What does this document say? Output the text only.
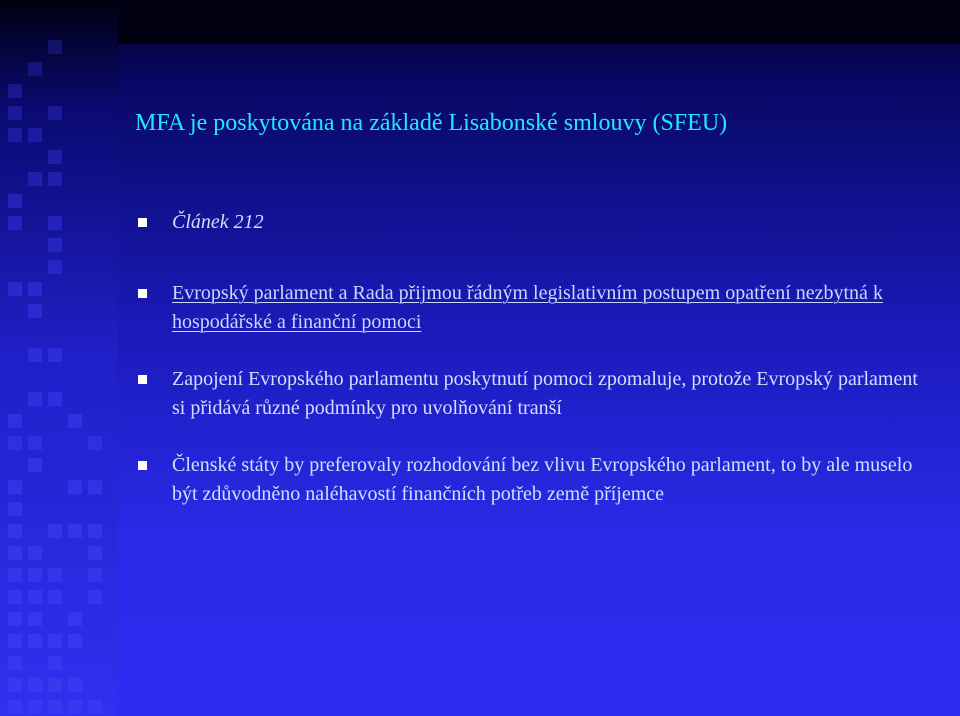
MFA je poskytována na základě Lisabonské smlouvy (SFEU)
Článek 212
Evropský parlament a Rada přijmou řádným legislativním postupem opatření nezbytná k hospodářské a finanční pomoci
Zapojení Evropského parlamentu poskytnutí pomoci zpomaluje, protože Evropský parlament si přidává různé podmínky pro uvolňování tranší
Členské státy by preferovaly rozhodování bez vlivu Evropského parlament, to by ale muselo být zdůvodněno naléhavostí finančních potřeb země příjemce
